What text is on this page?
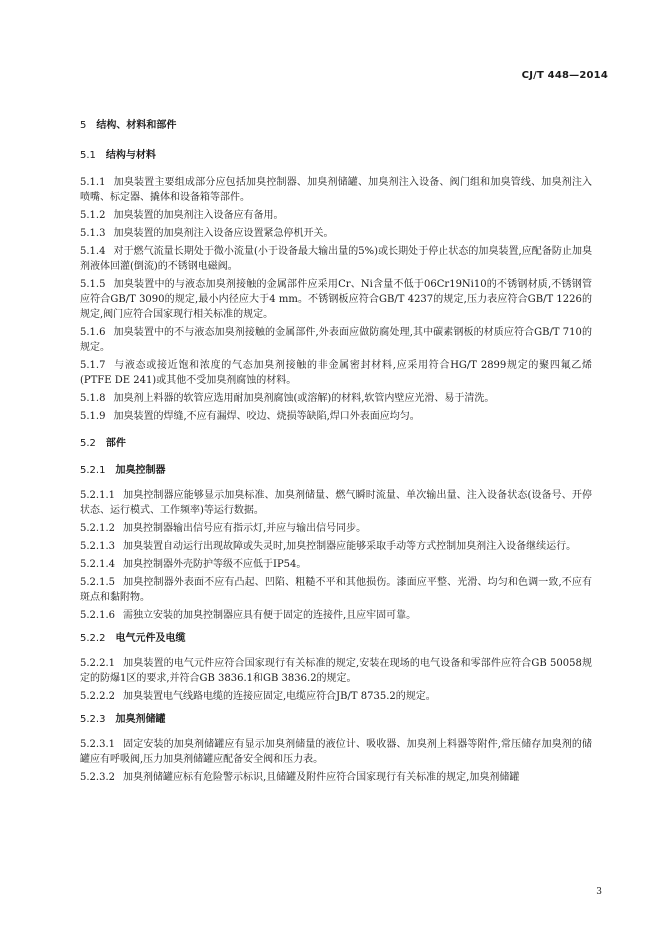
CJ/T 448—2014
5 结构、材料和部件
5.1 结构与材料
5.1.1 加臭装置主要组成部分应包括加臭控制器、加臭剂储罐、加臭剂注入设备、阀门组和加臭管线、加臭剂注入喷嘴、标定器、撬体和设备箱等部件。
5.1.2 加臭装置的加臭剂注入设备应有备用。
5.1.3 加臭装置的加臭剂注入设备应设置紧急停机开关。
5.1.4 对于燃气流量长期处于微小流量(小于设备最大输出量的5%)或长期处于停止状态的加臭装置,应配备防止加臭剂液体回灌(倒流)的不锈钢电磁阀。
5.1.5 加臭装置中的与液态加臭剂接触的金属部件应采用Cr、Ni含量不低于06Cr19Ni10的不锈钢材质,不锈钢管应符合GB/T 3090的规定,最小内径应大于4 mm。不锈钢板应符合GB/T 4237的规定,压力表应符合GB/T 1226的规定,阀门应符合国家现行相关标准的规定。
5.1.6 加臭装置中的不与液态加臭剂接触的金属部件,外表面应做防腐处理,其中碳素钢板的材质应符合GB/T 710的规定。
5.1.7 与液态或接近饱和浓度的气态加臭剂接触的非金属密封材料,应采用符合HG/T 2899规定的聚四氟乙烯(PTFE DE 241)或其他不受加臭剂腐蚀的材料。
5.1.8 加臭剂上料器的软管应选用耐加臭剂腐蚀(或溶解)的材料,软管内壁应光滑、易于清洗。
5.1.9 加臭装置的焊缝,不应有漏焊、咬边、烧损等缺陷,焊口外表面应均匀。
5.2 部件
5.2.1 加臭控制器
5.2.1.1 加臭控制器应能够显示加臭标准、加臭剂储量、燃气瞬时流量、单次输出量、注入设备状态(设备号、开停状态、运行模式、工作频率)等运行数据。
5.2.1.2 加臭控制器输出信号应有指示灯,并应与输出信号同步。
5.2.1.3 加臭装置自动运行出现故障或失灵时,加臭控制器应能够采取手动等方式控制加臭剂注入设备继续运行。
5.2.1.4 加臭控制器外壳防护等级不应低于IP54。
5.2.1.5 加臭控制器外表面不应有凸起、凹陷、粗糙不平和其他损伤。漆面应平整、光滑、均匀和色调一致,不应有斑点和黏附物。
5.2.1.6 需独立安装的加臭控制器应具有便于固定的连接件,且应牢固可靠。
5.2.2 电气元件及电缆
5.2.2.1 加臭装置的电气元件应符合国家现行有关标准的规定,安装在现场的电气设备和零部件应符合GB 50058规定的防爆1区的要求,并符合GB 3836.1和GB 3836.2的规定。
5.2.2.2 加臭装置电气线路电缆的连接应固定,电缆应符合JB/T 8735.2的规定。
5.2.3 加臭剂储罐
5.2.3.1 固定安装的加臭剂储罐应有显示加臭剂储量的液位计、吸收器、加臭剂上料器等附件,常压储存加臭剂的储罐应有呼吸阀,压力加臭剂储罐应配备安全阀和压力表。
5.2.3.2 加臭剂储罐应标有危险警示标识,且储罐及附件应符合国家现行有关标准的规定,加臭剂储罐
3
